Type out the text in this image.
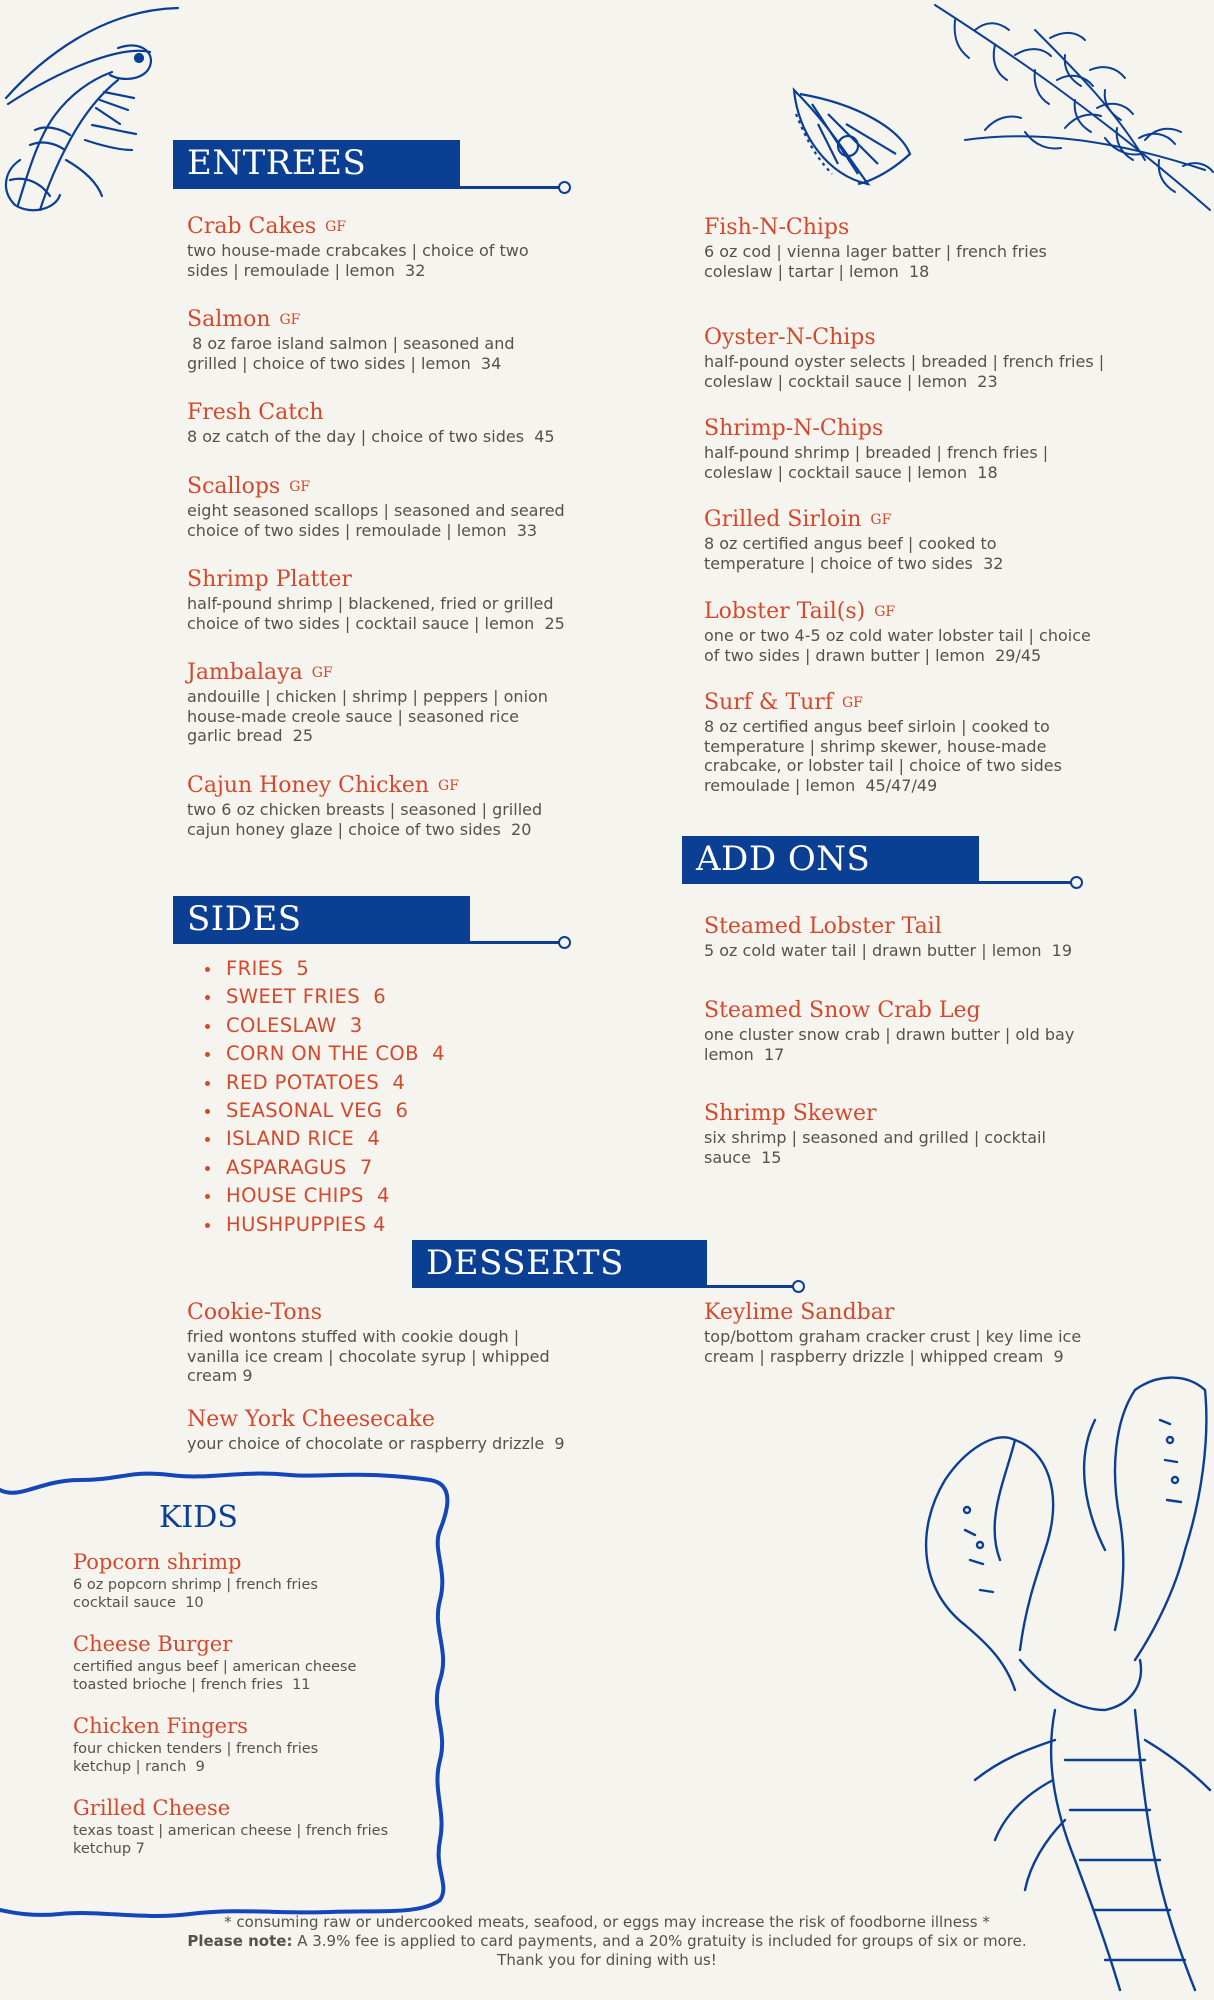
ENTREES
ADD ONS
SIDES
DESSERTS
Crab Cakes $^{GF}$
two house-made crabcakes | choice of two
sides | remoulade | lemon  32
Salmon $^{GF}$
8 oz faroe island salmon | seasoned and
grilled | choice of two sides | lemon  34
Fresh Catch
8 oz catch of the day | choice of two sides  45
Scallops $^{GF}$
eight seasoned scallops | seasoned and seared
choice of two sides | remoulade | lemon  33
Shrimp Platter
half-pound shrimp | blackened, fried or grilled
choice of two sides | cocktail sauce | lemon  25
Jambalaya $^{GF}$
andouille | chicken | shrimp | peppers | onion
house-made creole sauce | seasoned rice
garlic bread  25
Cajun Honey Chicken $^{GF}$
two 6 oz chicken breasts | seasoned | grilled
cajun honey glaze | choice of two sides  20
Fish-N-Chips
6 oz cod | vienna lager batter | french fries
coleslaw | tartar | lemon  18
Oyster-N-Chips
half-pound oyster selects | breaded | french fries |
coleslaw | cocktail sauce | lemon  23
Shrimp-N-Chips
half-pound shrimp | breaded | french fries |
coleslaw | cocktail sauce | lemon  18
Grilled Sirloin $^{GF}$
8 oz certified angus beef | cooked to
temperature | choice of two sides  32
Lobster Tail(s) $^{GF}$
one or two 4-5 oz cold water lobster tail | choice
of two sides | drawn butter | lemon  29/45
Surf & Turf $^{GF}$
8 oz certified angus beef sirloin | cooked to
temperature | shrimp skewer, house-made
crabcake, or lobster tail | choice of two sides
remoulade | lemon  45/47/49
Steamed Lobster Tail
5 oz cold water tail | drawn butter | lemon  19
Steamed Snow Crab Leg
one cluster snow crab | drawn butter | old bay
lemon  17
Shrimp Skewer
six shrimp | seasoned and grilled | cocktail
sauce  15
FRIES  5
SWEET FRIES  6
COLESLAW  3
CORN ON THE COB  4
RED POTATOES  4
SEASONAL VEG  6
ISLAND RICE  4
ASPARAGUS  7
HOUSE CHIPS  4
HUSHPUPPIES 4
Cookie-Tons
fried wontons stuffed with cookie dough |
vanilla ice cream | chocolate syrup | whipped
cream 9
New York Cheesecake
your choice of chocolate or raspberry drizzle  9
Keylime Sandbar
top/bottom graham cracker crust | key lime ice
cream | raspberry drizzle | whipped cream  9
KIDS
Popcorn shrimp
6 oz popcorn shrimp | french fries
cocktail sauce  10
Cheese Burger
certified angus beef | american cheese
toasted brioche | french fries  11
Chicken Fingers
four chicken tenders | french fries
ketchup | ranch  9
Grilled Cheese
texas toast | american cheese | french fries
ketchup 7
* consuming raw or undercooked meats, seafood, or eggs may increase the risk of foodborne illness *
Please note: A 3.9% fee is applied to card payments, and a 20% gratuity is included for groups of six or more.
Thank you for dining with us!
